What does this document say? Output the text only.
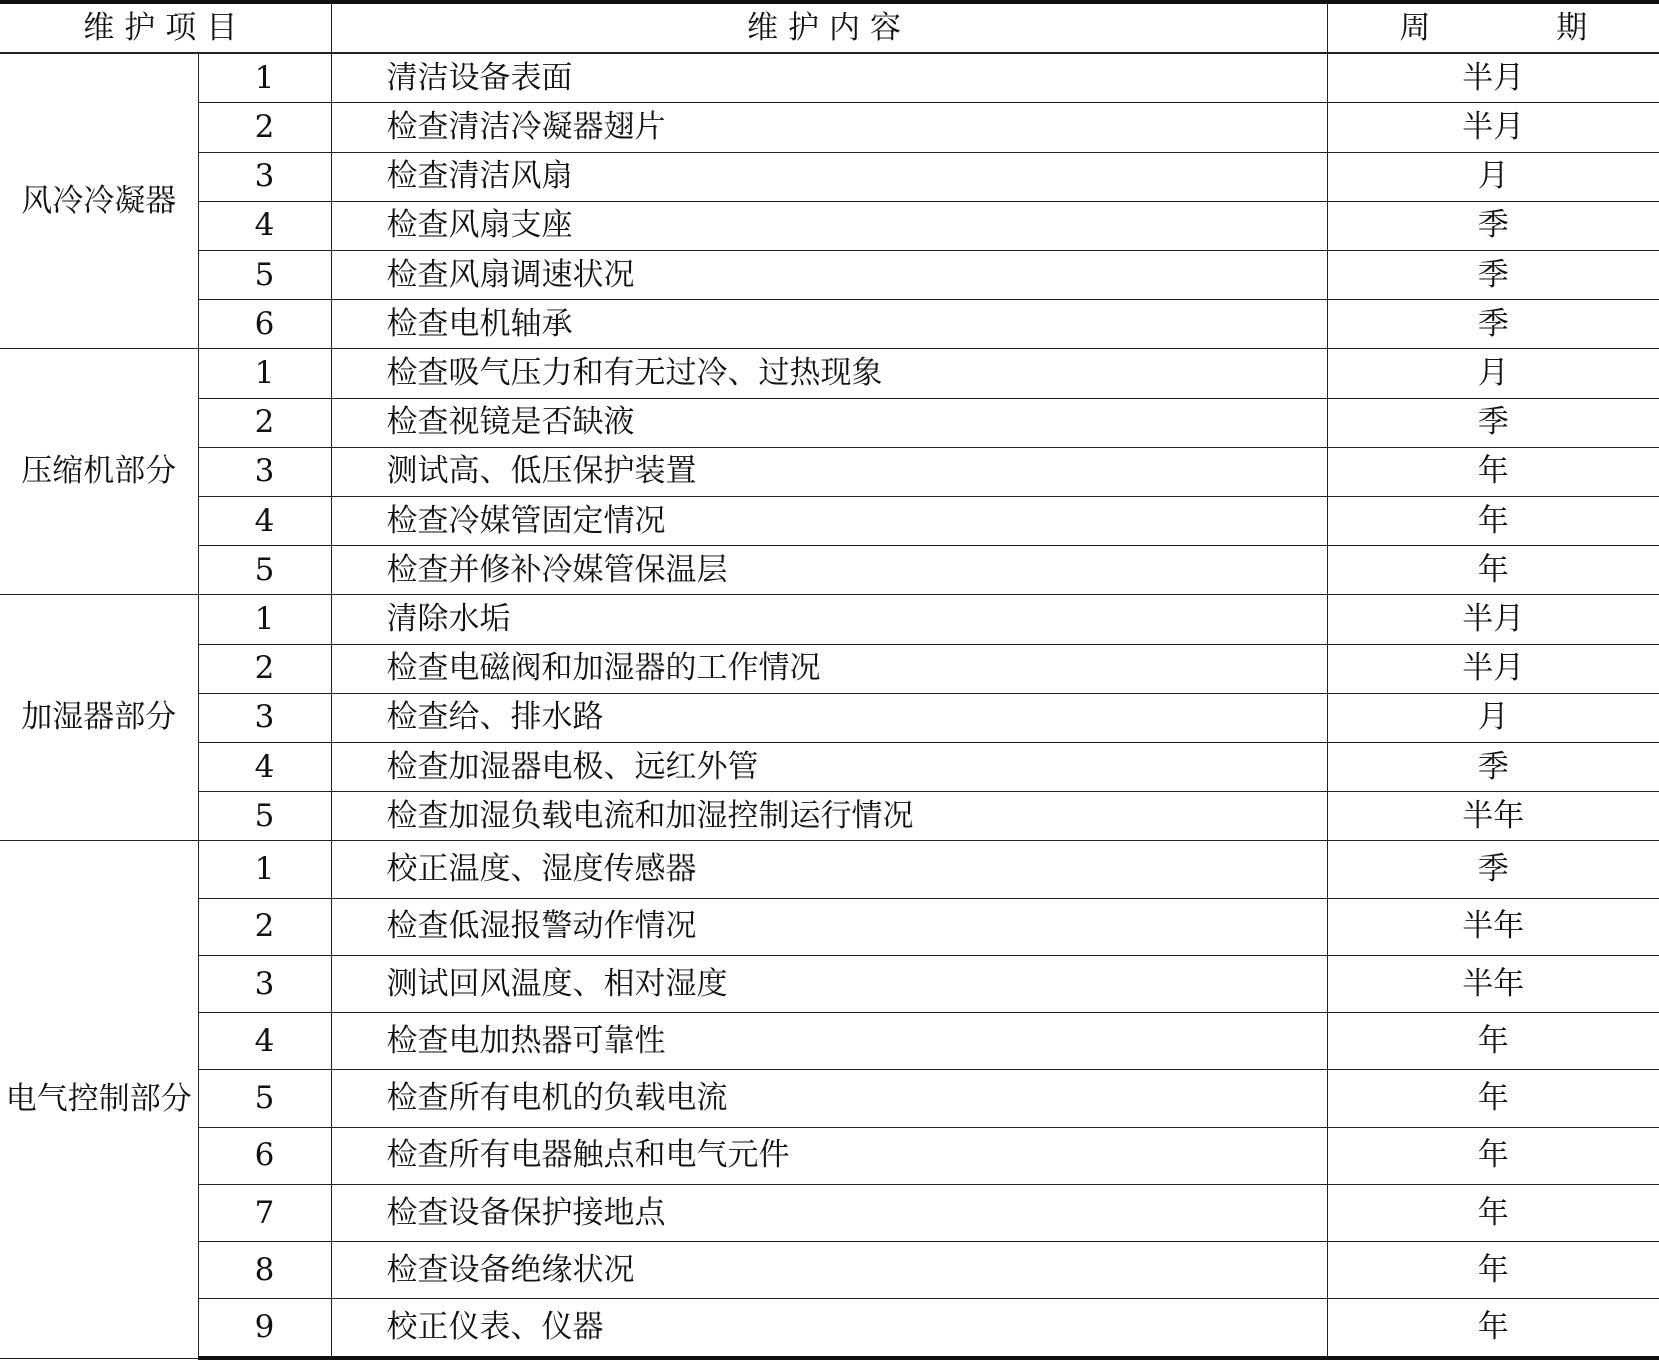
维护项目		维护内容	周 期
风冷冷凝器	1	清洁设备表面	半月
	2	检查清洁冷凝器翅片	半月
	3	检查清洁风扇	月
	4	检查风扇支座	季
	5	检查风扇调速状况	季
	6	检查电机轴承	季
压缩机部分	1	检查吸气压力和有无过冷、过热现象	月
	2	检查视镜是否缺液	季
	3	测试高、低压保护装置	年
	4	检查冷媒管固定情况	年
	5	检查并修补冷媒管保温层	年
加湿器部分	1	清除水垢	半月
	2	检查电磁阀和加湿器的工作情况	半月
	3	检查给、排水路	月
	4	检查加湿器电极、远红外管	季
	5	检查加湿负载电流和加湿控制运行情况	半年
电气控制部分	1	校正温度、湿度传感器	季
	2	检查低湿报警动作情况	半年
	3	测试回风温度、相对湿度	半年
	4	检查电加热器可靠性	年
	5	检查所有电机的负载电流	年
	6	检查所有电器触点和电气元件	年
	7	检查设备保护接地点	年
	8	检查设备绝缘状况	年
	9	校正仪表、仪器	年
